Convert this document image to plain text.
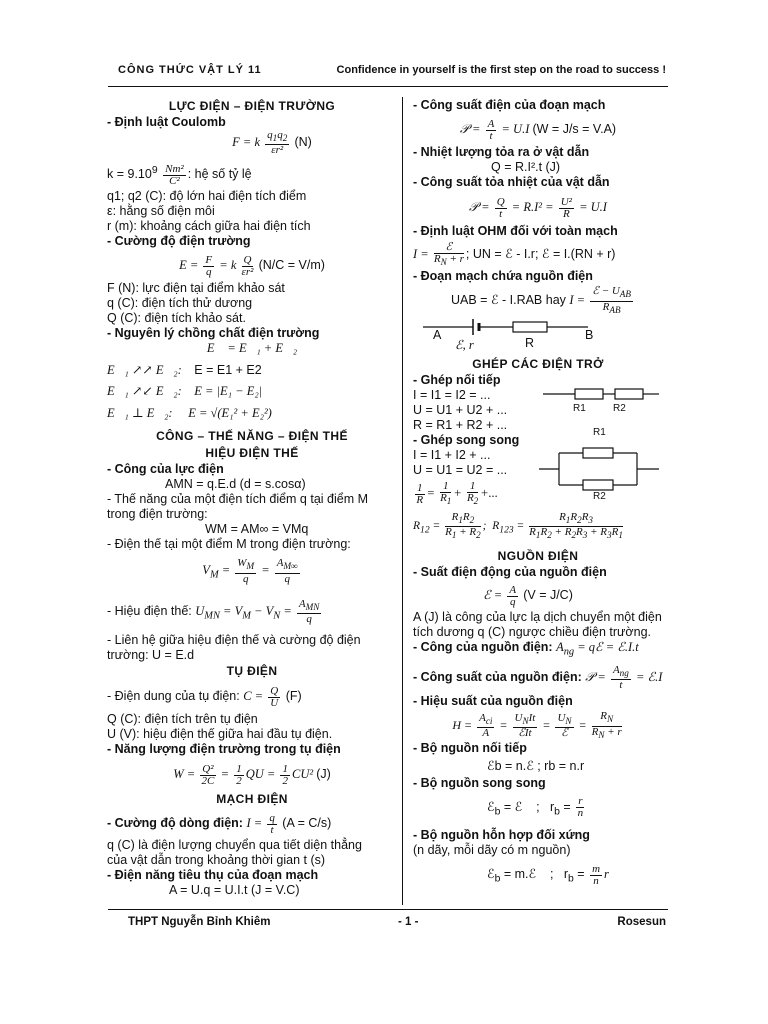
CÔNG THỨC VẬT LÝ 11	Confidence in yourself is the first step on the road to success !
THPT Nguyễn Bỉnh Khiêm	- 1 -	Rosesun
LỰC ĐIỆN – ĐIỆN TRƯỜNG
- Định luật Coulomb
F = k $\frac{q_1q_2}{\text{εr²}} (N)$
$k = 9.10^9 \frac{\text{Nm²}}{\text{C²}}$ : hệ số tỷ lệ
q1; q2 (C): độ lớn hai điện tích điểm
ε: hằng số điện môi
r (m): khoảng cách giữa hai điện tích
- Cường độ điện trường
$E = \frac{F}{q} = k \frac{Q}{\text{εr²}} (N/C = V/m)$
F (N): lực điện tại điểm khảo sát
q (C): điện tích thử dương
Q (C): điện tích khảo sát.
- Nguyên lý chồng chất điện trường
E⃗ = E⃗₁ + E⃗₂
E⃗₁ ↗↗ E⃗₂:    E = E1 + E2
E⃗₁ ↗↙ E⃗₂:    E = |E₁ − E₂|
E⃗₁ ⊥ E⃗₂:     E = √(E₁² + E₂²)
CÔNG – THẾ NĂNG – ĐIỆN THẾ
HIỆU ĐIỆN THẾ
- Công của lực điện
AMN = q.E.d (d = s.cosα)
- Thế năng của một điện tích điểm q tại điểm M
trong điện trường:
WM = AM∞ = VMq
- Điện thế tại một điểm M trong điện trường:
$V_M = \frac{W_M}{q} = \frac{A_{M\infty}}{q}$
- Hiệu điện thế: $U_{MN} = V_M - V_N = A_{MN}$
q
- Liên hệ giữa hiệu điện thế và cường độ điện
trường: U = E.d
TỤ ĐIỆN
- Điện dung của tụ điện: $C = \frac{Q}{U} (F)$
Q (C): điện tích trên tụ điện
U (V): hiệu điện thế giữa hai đầu tụ điện.
- Năng lượng điện trường trong tụ điện
$W = \frac{\text{Q²}}{2C} = \frac{1}{2}$ QU = $\frac{1}{2} CU^2$ (J)
MẠCH ĐIỆN
- Cường độ dòng điện: $I = \frac{q}{t} (A = C/s)$
q (C) là điện lượng chuyển qua tiết diện thẳng
của vật dẫn trong khoảng thời gian t (s)
- Điện năng tiêu thụ của đoạn mạch
A = U.q = U.I.t (J = V.C)
- Công suất điện của đoạn mạch
𝒫 = $\frac{A}{t} = U.I$ (W = J/s = V.A)
- Nhiệt lượng tỏa ra ở vật dẫn
Q = R.I².t (J)
- Công suất tỏa nhiệt của vật dẫn
𝒫 = $\frac{Q}{t} = R.I^2 = \frac{\text{U²}}{R} = U.I$
- Định luật OHM đối với toàn mạch
I =	ℰ
$R_N + r$ ; UN = ℰ - I.r; ℰ = I.(RN + r)
- Đoạn mạch chứa nguồn điện
UAB = ℰ - I.RAB hay I =
ℰ − $U_{AB}$
$R_{AB}$
A
ℰ, r	R
B
GHÉP CÁC ĐIỆN TRỞ
- Ghép nối tiếp
I = I1 = I2 = ...
U = U1 + U2 + ...
R = R1 + R2 + ...
R1	R2
- Ghép song song
I = I1 + I2 + ...
U = U1 = U2 = ...
$\frac{1}{R} = \frac{1}{R_1} + \frac{1}{R_2}$ +...
R1
R2
$R_{12} = \frac{R_1R_2}{R_1 + R_2}$ ;  $R_{123} = \frac{R_1R_2R_3}{R_1R_2 + R_2R_3 + R_3R_1}$
NGUỒN ĐIỆN
- Suất điện động của nguồn điện
ℰ = $\frac{A}{q} (V = J/C)$
A (J) là công của lực lạ dịch chuyển một điện
tích dương q (C) ngược chiều điện trường.
- Công của nguồn điện: $A_{ng}$ = qℰ = ℰ.I.t
- Công suất của nguồn điện: 𝒫 = $A_{ng}$
t
= ℰ.I
- Hiệu suất của nguồn điện
$H = A_{ci}$
A
= $U_NIt$
ℰIt
= $U_N$
ℰ
= $\frac{R_N}{R_N + r}$
- Bộ nguồn nối tiếp
ℰb = n.ℰ ; rb = n.r
- Bộ nguồn song song
ℰ$_b$ = ℰ    ;   $r_b = \frac{r}{n}$
- Bộ nguồn hỗn hợp đối xứng
(n dãy, mỗi dãy có m nguồn)
ℰ$_b$ = m.ℰ    ;   $r_b = \frac{m}{n}$ r
